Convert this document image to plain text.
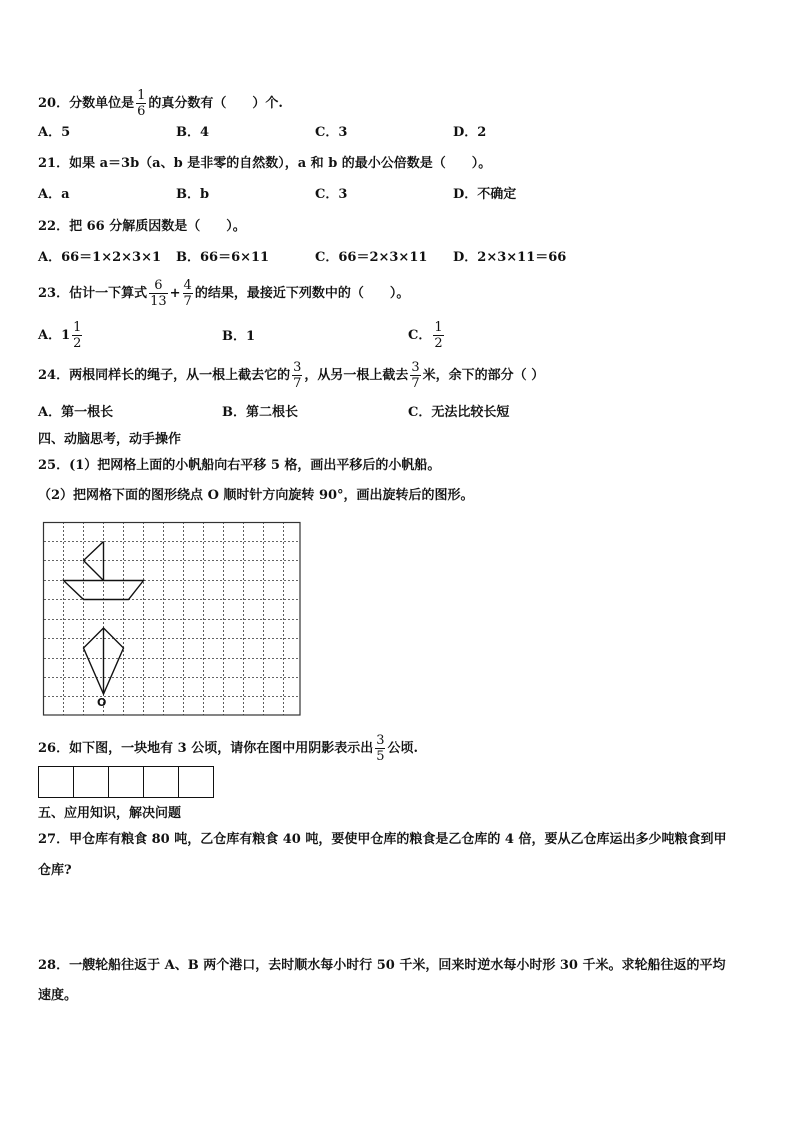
20．分数单位是 $\frac{1}{6}$ 的真分数有（　　）个.
A．5	B．4	C．3	D．2
21．如果 a＝3b（a、b 是非零的自然数），a 和 b 的最小公倍数是（　　）。
A．a	B．b	C．3	D．不确定
22．把 66 分解质因数是（　　）。
A．66＝1×2×3×1 B．66＝6×11	C．66＝2×3×11 D．2×3×11＝66
23．估计一下算式 $\frac{6}{13} + \frac{4}{7}$ 的结果，最接近下列数中的（　　）。
A．$1 \frac{1}{2}$	B．1	C． $\frac{1}{2}$
24．两根同样长的绳子，从一根上截去它的 $\frac{3}{7}$ ，从另一根上截去 $\frac{3}{7}$ 米，余下的部分（ ）
A．第一根长	B．第二根长	C．无法比较长短
四、动脑思考，动手操作
25．(1）把网格上面的小帆船向右平移 5 格，画出平移后的小帆船。
（2）把网格下面的图形绕点 O 顺时针方向旋转 90°，画出旋转后的图形。
O
26．如下图，一块地有 3 公顷，请你在图中用阴影表示出 $\frac{3}{5}$ 公顷.
五、应用知识，解决问题
27．甲仓库有粮食 80 吨，乙仓库有粮食 40 吨，要使甲仓库的粮食是乙仓库的 4 倍，要从乙仓库运出多少吨粮食到甲
仓库?
28．一艘轮船往返于 A、B 两个港口，去时顺水每小时行 50 千米，回来时逆水每小时形 30 千米。求轮船往返的平均
速度。
